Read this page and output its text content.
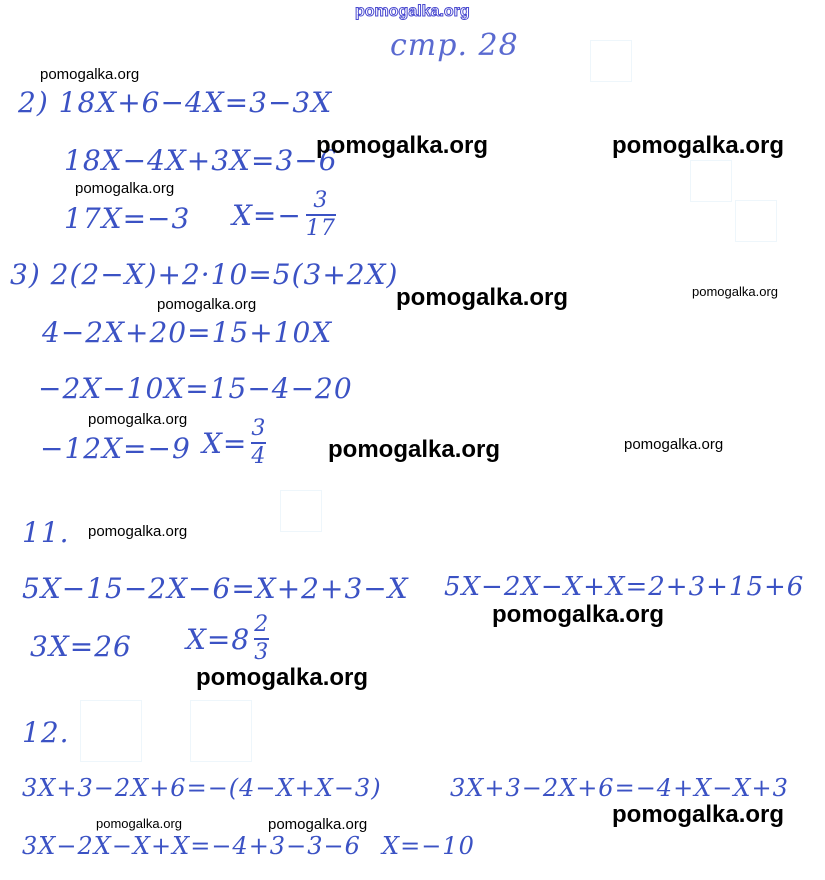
pomogalka.org
стр. 28
pomogalka.org
2) 18X+6−4X=3−3X
18X−4X+3X=3−6
pomogalka.org	pomogalka.org
pomogalka.org
17X=−3 $X=- \frac{3}{17}$
3) 2(2−X)+2·10=5(3+2X)
pomogalka.org	pomogalka.org
pomogalka.org
4−2X+20=15+10X
−2X−10X=15−4−20
pomogalka.org
−12X=−9 $X= \frac{3}{4}$	pomogalka.org	pomogalka.org
11. pomogalka.org
5X−15−2X−6=X+2+3−X 5X−2X−X+X=2+3+15+6
pomogalka.org
3X=26 $X=8 \frac{2}{3}$
pomogalka.org
12.
3X+3−2X+6=−(4−X+X−3)	3X+3−2X+6=−4+X−X+3
pomogalka.org
pomogalka.org	pomogalka.org
3X−2X−X+X=−4+3−3−6 X=−10
